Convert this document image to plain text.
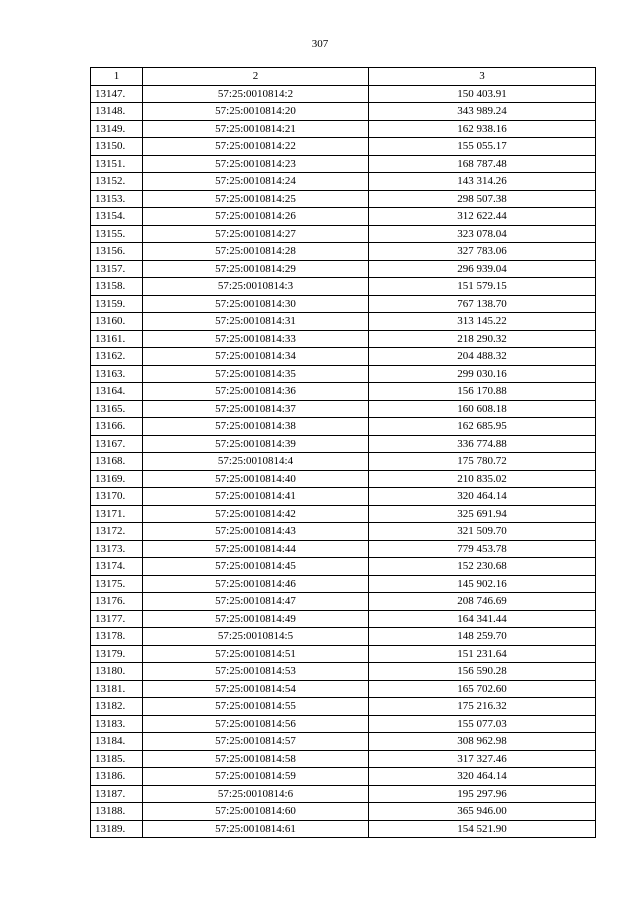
307
1	2	3
13147.	57:25:0010814:2	150 403.91
13148.	57:25:0010814:20	343 989.24
13149.	57:25:0010814:21	162 938.16
13150.	57:25:0010814:22	155 055.17
13151.	57:25:0010814:23	168 787.48
13152.	57:25:0010814:24	143 314.26
13153.	57:25:0010814:25	298 507.38
13154.	57:25:0010814:26	312 622.44
13155.	57:25:0010814:27	323 078.04
13156.	57:25:0010814:28	327 783.06
13157.	57:25:0010814:29	296 939.04
13158.	57:25:0010814:3	151 579.15
13159.	57:25:0010814:30	767 138.70
13160.	57:25:0010814:31	313 145.22
13161.	57:25:0010814:33	218 290.32
13162.	57:25:0010814:34	204 488.32
13163.	57:25:0010814:35	299 030.16
13164.	57:25:0010814:36	156 170.88
13165.	57:25:0010814:37	160 608.18
13166.	57:25:0010814:38	162 685.95
13167.	57:25:0010814:39	336 774.88
13168.	57:25:0010814:4	175 780.72
13169.	57:25:0010814:40	210 835.02
13170.	57:25:0010814:41	320 464.14
13171.	57:25:0010814:42	325 691.94
13172.	57:25:0010814:43	321 509.70
13173.	57:25:0010814:44	779 453.78
13174.	57:25:0010814:45	152 230.68
13175.	57:25:0010814:46	145 902.16
13176.	57:25:0010814:47	208 746.69
13177.	57:25:0010814:49	164 341.44
13178.	57:25:0010814:5	148 259.70
13179.	57:25:0010814:51	151 231.64
13180.	57:25:0010814:53	156 590.28
13181.	57:25:0010814:54	165 702.60
13182.	57:25:0010814:55	175 216.32
13183.	57:25:0010814:56	155 077.03
13184.	57:25:0010814:57	308 962.98
13185.	57:25:0010814:58	317 327.46
13186.	57:25:0010814:59	320 464.14
13187.	57:25:0010814:6	195 297.96
13188.	57:25:0010814:60	365 946.00
13189.	57:25:0010814:61	154 521.90
